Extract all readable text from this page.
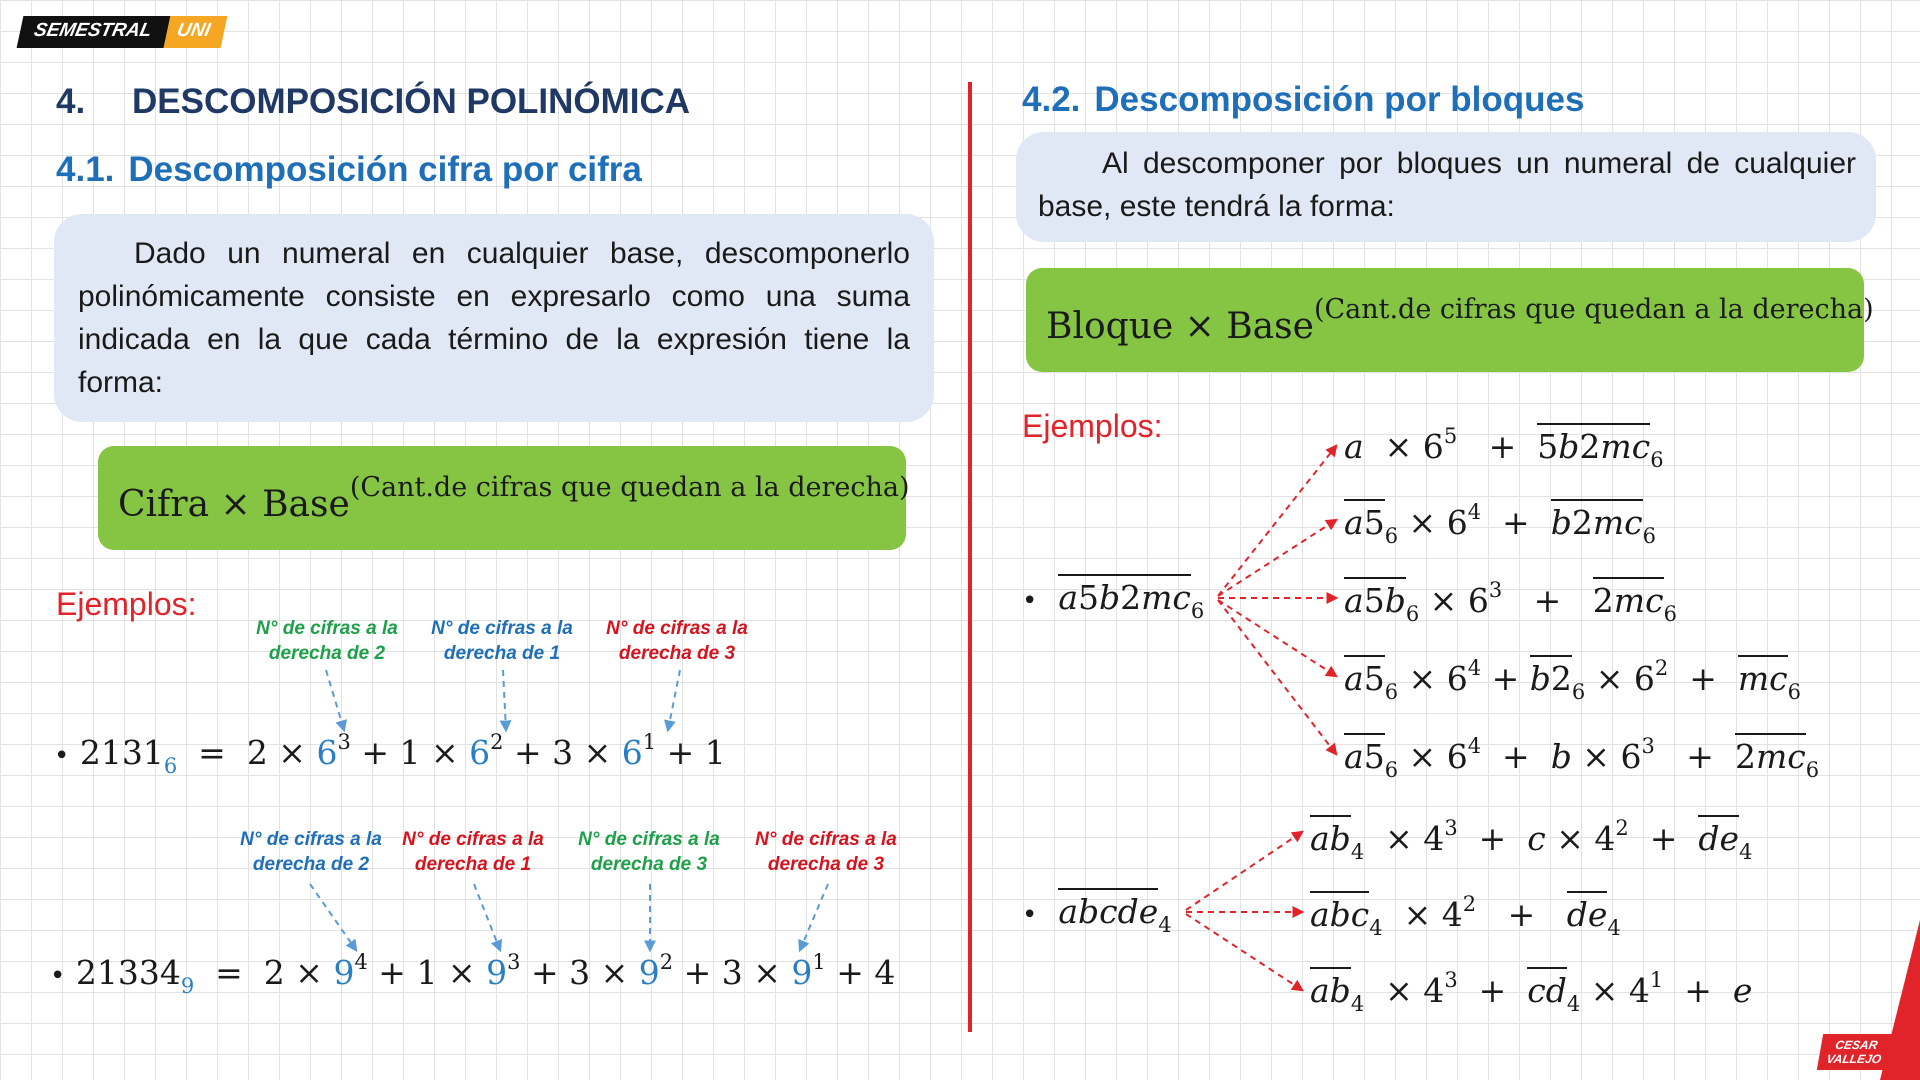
SEMESTRAL	UNI
4. DESCOMPOSICIÓN POLINÓMICA
4.1. Descomposición cifra por cifra
Dado un numeral en cualquier base, descomponerlo polinómicamente consiste en expresarlo como una suma indicada en la que cada término de la expresión tiene la forma:
Cifra × Base$^{(Cant.de cifras que quedan a la derecha)}$
Ejemplos:
N° de cifras a la derecha de 2
N° de cifras a la derecha de 1
N° de cifras a la derecha de 3
• $2131_6 = 2 \times 6^3 + 1 \times 6^2 + 3 \times 6^1 + 1$
N° de cifras a la derecha de 2
N° de cifras a la derecha de 1
N° de cifras a la derecha de 3
N° de cifras a la derecha de 3
• $21334_9 = 2 \times 9^4 + 1 \times 9^3 + 3 \times 9^2 + 3 \times 9^1 + 4$
4.2. Descomposición por bloques
Al descomponer por bloques un numeral de cualquier base, este tendrá la forma:
Bloque × Base$^{(Cant.de cifras que quedan a la derecha)}$
Ejemplos:
• $a5b2mc_6$
$a \times 6^5 + 5b2mc_6$
$a5_6 \times 6^4 + b2mc_6$
$a5b_6 \times 6^3 + 2mc_6$
$a5_6 \times 6^4 + b2_6 \times 6^2 + mc_6$
$a5_6 \times 6^4 + b \times 6^3 + 2mc_6$
• abcde$_4$
$ab_4 \times 4^3 + c \times 4^2 + de_4$
$abc_4 \times 4^2 + de_4$
$ab_4 \times 4^3 + cd_4 \times 4^1 + e$
CESAR
VALLEJO
